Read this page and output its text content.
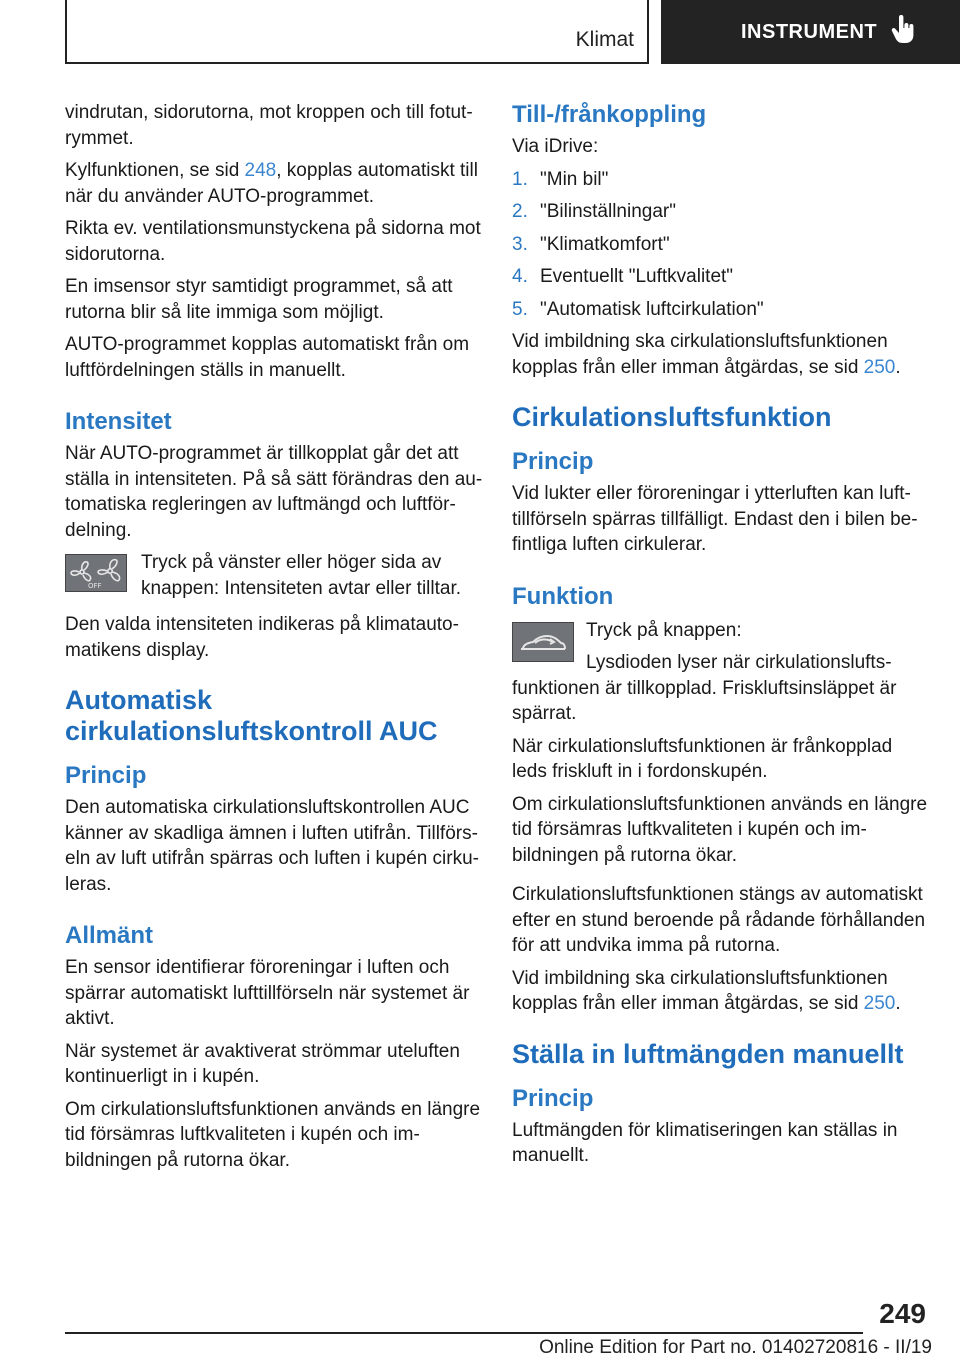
Klimat	INSTRUMENT

vindrutan, sidorutorna, mot kroppen och till fotutrymmet.

Kylfunktionen, se sid 248, kopplas automatiskt till när du använder AUTO-programmet.

Rikta ev. ventilationsmunstyckena på sidorna mot sidorutorna.

En imsensor styr samtidigt programmet, så att rutorna blir så lite immiga som möjligt.

AUTO-programmet kopplas automatiskt från om luftfördelningen ställs in manuellt.

Intensitet

När AUTO-programmet är tillkopplat går det att ställa in intensiteten. På så sätt förändras den automatiska regleringen av luftmängd och luftfördelning.

OFF

Tryck på vänster eller höger sida av knappen: Intensiteten avtar eller tilltar.

Den valda intensiteten indikeras på klimatautomatikens display.

Automatisk cirkulationsluftskontroll AUC
Princip

Den automatiska cirkulationsluftskontrollen AUC känner av skadliga ämnen i luften utifrån. Tillförseln av luft utifrån spärras och luften i kupén cirkuleras.

Allmänt

En sensor identifierar föroreningar i luften och spärrar automatiskt lufttillförseln när systemet är aktivt.

När systemet är avaktiverat strömmar uteluften kontinuerligt in i kupén.

Om cirkulationsluftsfunktionen används en längre tid försämras luftkvaliteten i kupén och imbildningen på rutorna ökar.

Till-/frånkoppling

Via iDrive:

1. "Min bil"
2. "Bilinställningar"
3. "Klimatkomfort"
4. Eventuellt "Luftkvalitet"
5. "Automatisk luftcirkulation"

Vid imbildning ska cirkulationsluftsfunktionen kopplas från eller imman åtgärdas, se sid 250.

Cirkulationsluftsfunktion
Princip

Vid lukter eller föroreningar i ytterluften kan lufttillförseln spärras tillfälligt. Endast den i bilen befintliga luften cirkulerar.

Funktion

Tryck på knappen:

Lysdioden lyser när cirkulationsluftsfunktionen är tillkopplad. Friskluftsinsläppet är spärrat.

När cirkulationsluftsfunktionen är frånkopplad leds friskluft in i fordonskupén.

Om cirkulationsluftsfunktionen används en längre tid försämras luftkvaliteten i kupén och imbildningen på rutorna ökar.

Cirkulationsluftsfunktionen stängs av automatiskt efter en stund beroende på rådande förhållanden för att undvika imma på rutorna.

Vid imbildning ska cirkulationsluftsfunktionen kopplas från eller imman åtgärdas, se sid 250.

Ställa in luftmängden manuellt
Princip

Luftmängden för klimatiseringen kan ställas in manuellt.

249
Online Edition for Part no. 01402720816 - II/19
